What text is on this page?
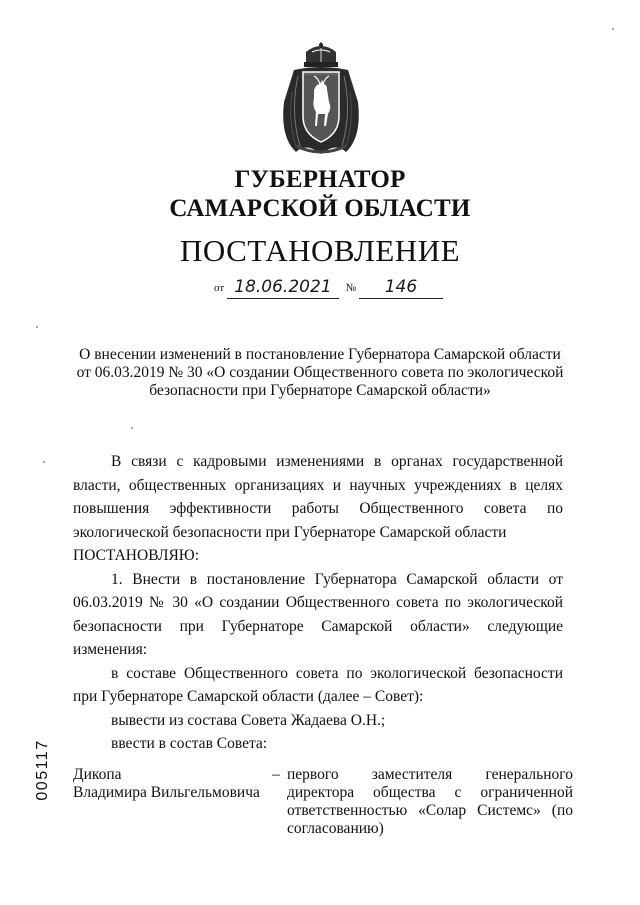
ГУБЕРНАТОР
САМАРСКОЙ ОБЛАСТИ
ПОСТАНОВЛЕНИЕ
от 18.06.2021 № 146
О внесении изменений в постановление Губернатора Самарской области
от 06.03.2019 № 30 «О создании Общественного совета по экологической
безопасности при Губернаторе Самарской области»

В связи с кадровыми изменениями в органах государственной власти, общественных организациях и научных учреждениях в целях повышения эффективности работы Общественного совета по экологической безопасности при Губернаторе Самарской области

ПОСТАНОВЛЯЮ:

1. Внести в постановление Губернатора Самарской области от 06.03.2019 № 30 «О создании Общественного совета по экологической безопасности при Губернаторе Самарской области» следующие изменения:

в составе Общественного совета по экологической безопасности при Губернаторе Самарской области (далее – Совет):

вывести из состава Совета Жадаева О.Н.;

ввести в состав Совета:

Дикопа
Владимира Вильгельмовича
– первого заместителя генерального директора общества с ограниченной ответственностью «Солар Системс» (по согласованию)
005117
